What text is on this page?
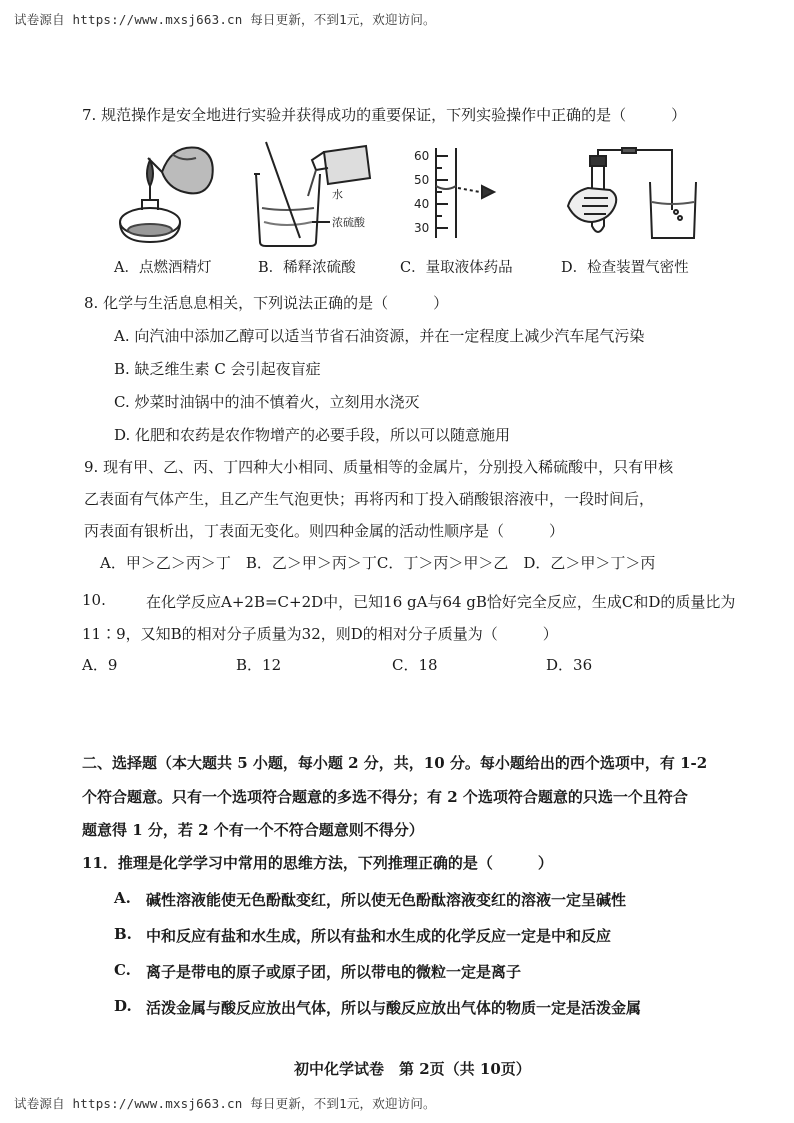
试卷源自 https://www.mxsj663.cn 每日更新，不到1元，欢迎访问。
7. 规范操作是安全地进行实验并获得成功的重要保证，下列实验操作中正确的是（　　　）
水
浓硫酸
60
50
40
30
A．点燃酒精灯	B．稀释浓硫酸	C．量取液体药品	D．检查装置气密性
8. 化学与生活息息相关，下列说法正确的是（　　　）
A. 向汽油中添加乙醇可以适当节省石油资源，并在一定程度上减少汽车尾气污染
B. 缺乏维生素 C 会引起夜盲症
C. 炒菜时油锅中的油不慎着火，立刻用水浇灭
D. 化肥和农药是农作物增产的必要手段，所以可以随意施用
9. 现有甲、乙、丙、丁四种大小相同、质量相等的金属片，分别投入稀硫酸中，只有甲核
乙表面有气体产生，且乙产生气泡更快；再将丙和丁投入硝酸银溶液中，一段时间后，
丙表面有银析出，丁表面无变化。则四种金属的活动性顺序是（　　　）
A．甲＞乙＞丙＞丁　B．乙＞甲＞丙＞丁C．丁＞丙＞甲＞乙　D．乙＞甲＞丁＞丙
10.	在化学反应A+2B=C+2D中，已知16 gA与64 gB恰好完全反应，生成C和D的质量比为
11∶9，又知B的相对分子质量为32，则D的相对分子质量为（　　　）
A．9	B．12	C．18	D．36
二、选择题（本大题共 5 小题，每小题 2 分，共，10 分。每小题给出的西个选项中，有 1-2
个符合题意。只有一个选项符合题意的多选不得分；有 2 个选项符合题意的只选一个且符合
题意得 1 分，若 2 个有一个不符合题意则不得分）
11．推理是化学学习中常用的思维方法，下列推理正确的是（　　　）
A. 碱性溶液能使无色酚酞变红，所以使无色酚酞溶液变红的溶液一定呈碱性
B. 中和反应有盐和水生成，所以有盐和水生成的化学反应一定是中和反应
C. 离子是带电的原子或原子团，所以带电的微粒一定是离子
D. 活泼金属与酸反应放出气体，所以与酸反应放出气体的物质一定是活泼金属
初中化学试卷　第 2页（共 10页）
试卷源自 https://www.mxsj663.cn 每日更新，不到1元，欢迎访问。
